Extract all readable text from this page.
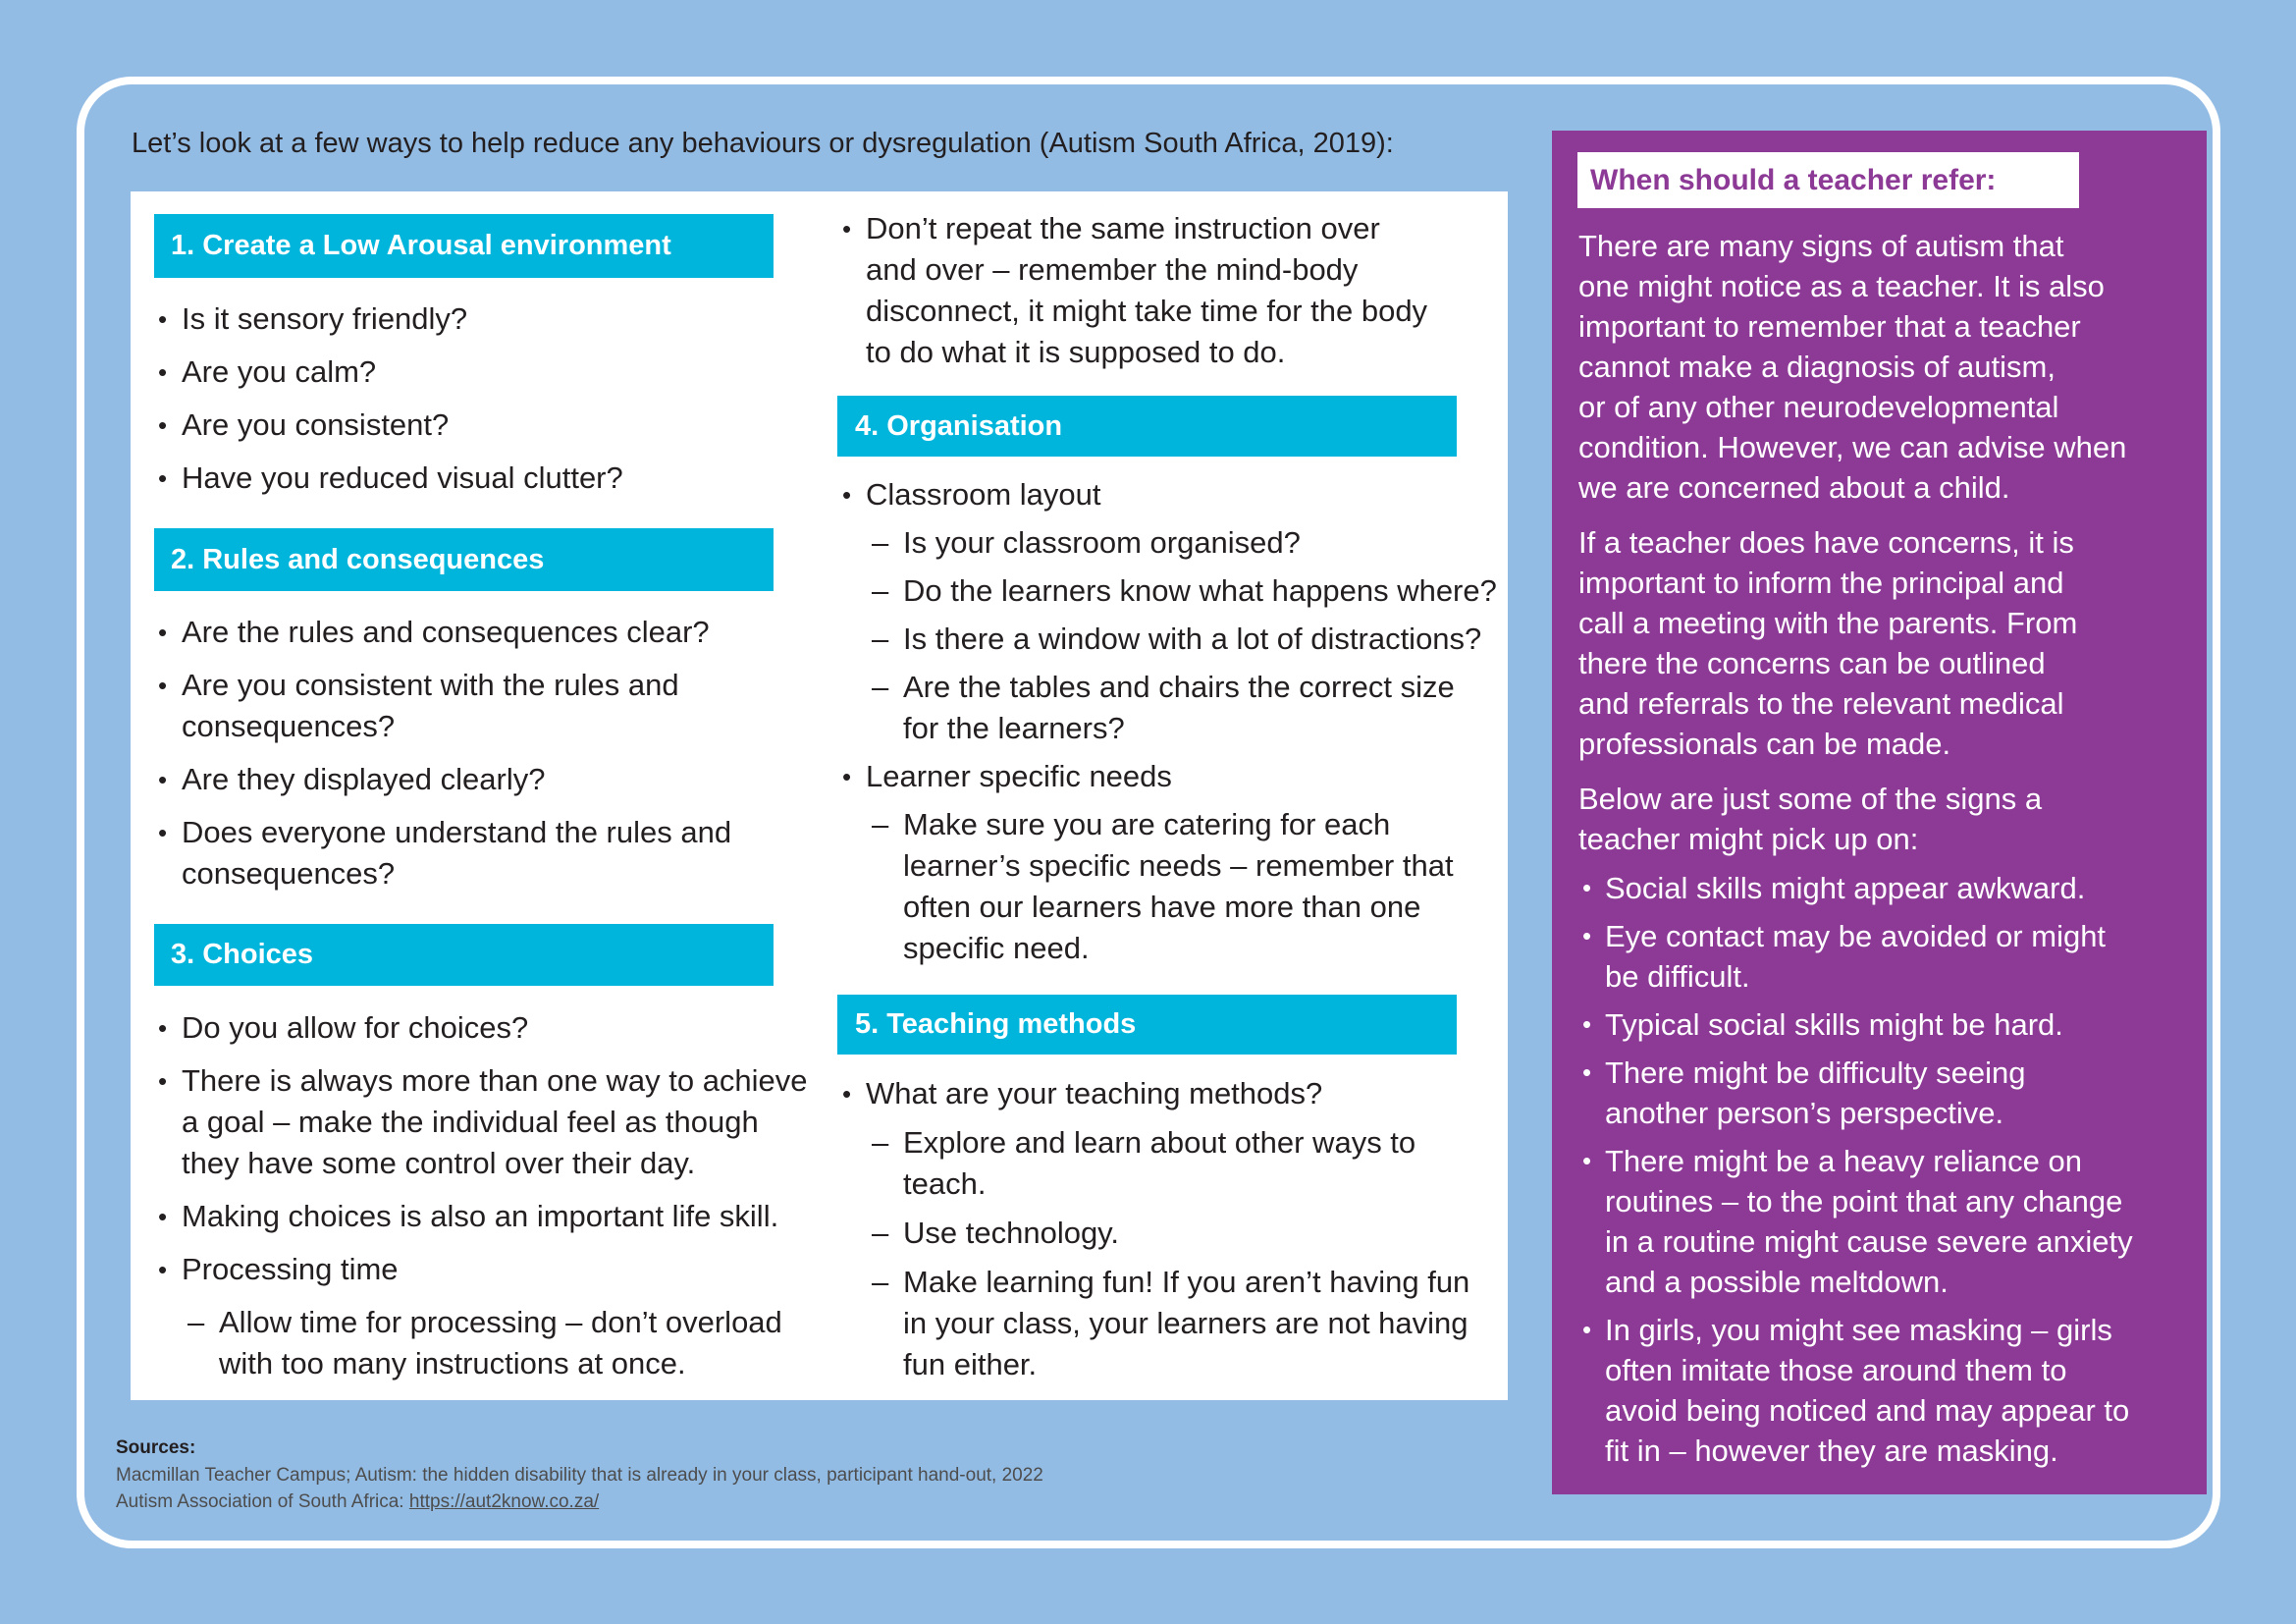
Let’s look at a few ways to help reduce any behaviours or dysregulation (Autism South Africa, 2019):

1. Create a Low Arousal environment
• Is it sensory friendly?
• Are you calm?
• Are you consistent?
• Have you reduced visual clutter?
2. Rules and consequences
• Are the rules and consequences clear?
• Are you consistent with the rules and
consequences?
• Are they displayed clearly?
• Does everyone understand the rules and
consequences?
3. Choices
• Do you allow for choices?
• There is always more than one way to achieve
a goal – make the individual feel as though
they have some control over their day.
• Making choices is also an important life skill.
• Processing time
– Allow time for processing – don’t overload
with too many instructions at once.
• Don’t repeat the same instruction over
and over – remember the mind-body
disconnect, it might take time for the body
to do what it is supposed to do.
4. Organisation
• Classroom layout
– Is your classroom organised?
– Do the learners know what happens where?
– Is there a window with a lot of distractions?
– Are the tables and chairs the correct size
for the learners?
• Learner specific needs
– Make sure you are catering for each
learner’s specific needs – remember that
often our learners have more than one
specific need.
5. Teaching methods
• What are your teaching methods?
– Explore and learn about other ways to
teach.
– Use technology.
– Make learning fun! If you aren’t having fun
in your class, your learners are not having
fun either.
When should a teacher refer:

There are many signs of autism that
one might notice as a teacher. It is also
important to remember that a teacher
cannot make a diagnosis of autism,
or of any other neurodevelopmental
condition. However, we can advise when
we are concerned about a child.

If a teacher does have concerns, it is
important to inform the principal and
call a meeting with the parents. From
there the concerns can be outlined
and referrals to the relevant medical
professionals can be made.

Below are just some of the signs a
teacher might pick up on:

• Social skills might appear awkward.
• Eye contact may be avoided or might
be difficult.
• Typical social skills might be hard.
• There might be difficulty seeing
another person’s perspective.
• There might be a heavy reliance on
routines – to the point that any change
in a routine might cause severe anxiety
and a possible meltdown.
• In girls, you might see masking – girls
often imitate those around them to
avoid being noticed and may appear to
fit in – however they are masking.
Sources:
Macmillan Teacher Campus; Autism: the hidden disability that is already in your class, participant hand-out, 2022
Autism Association of South Africa: https://aut2know.co.za/
